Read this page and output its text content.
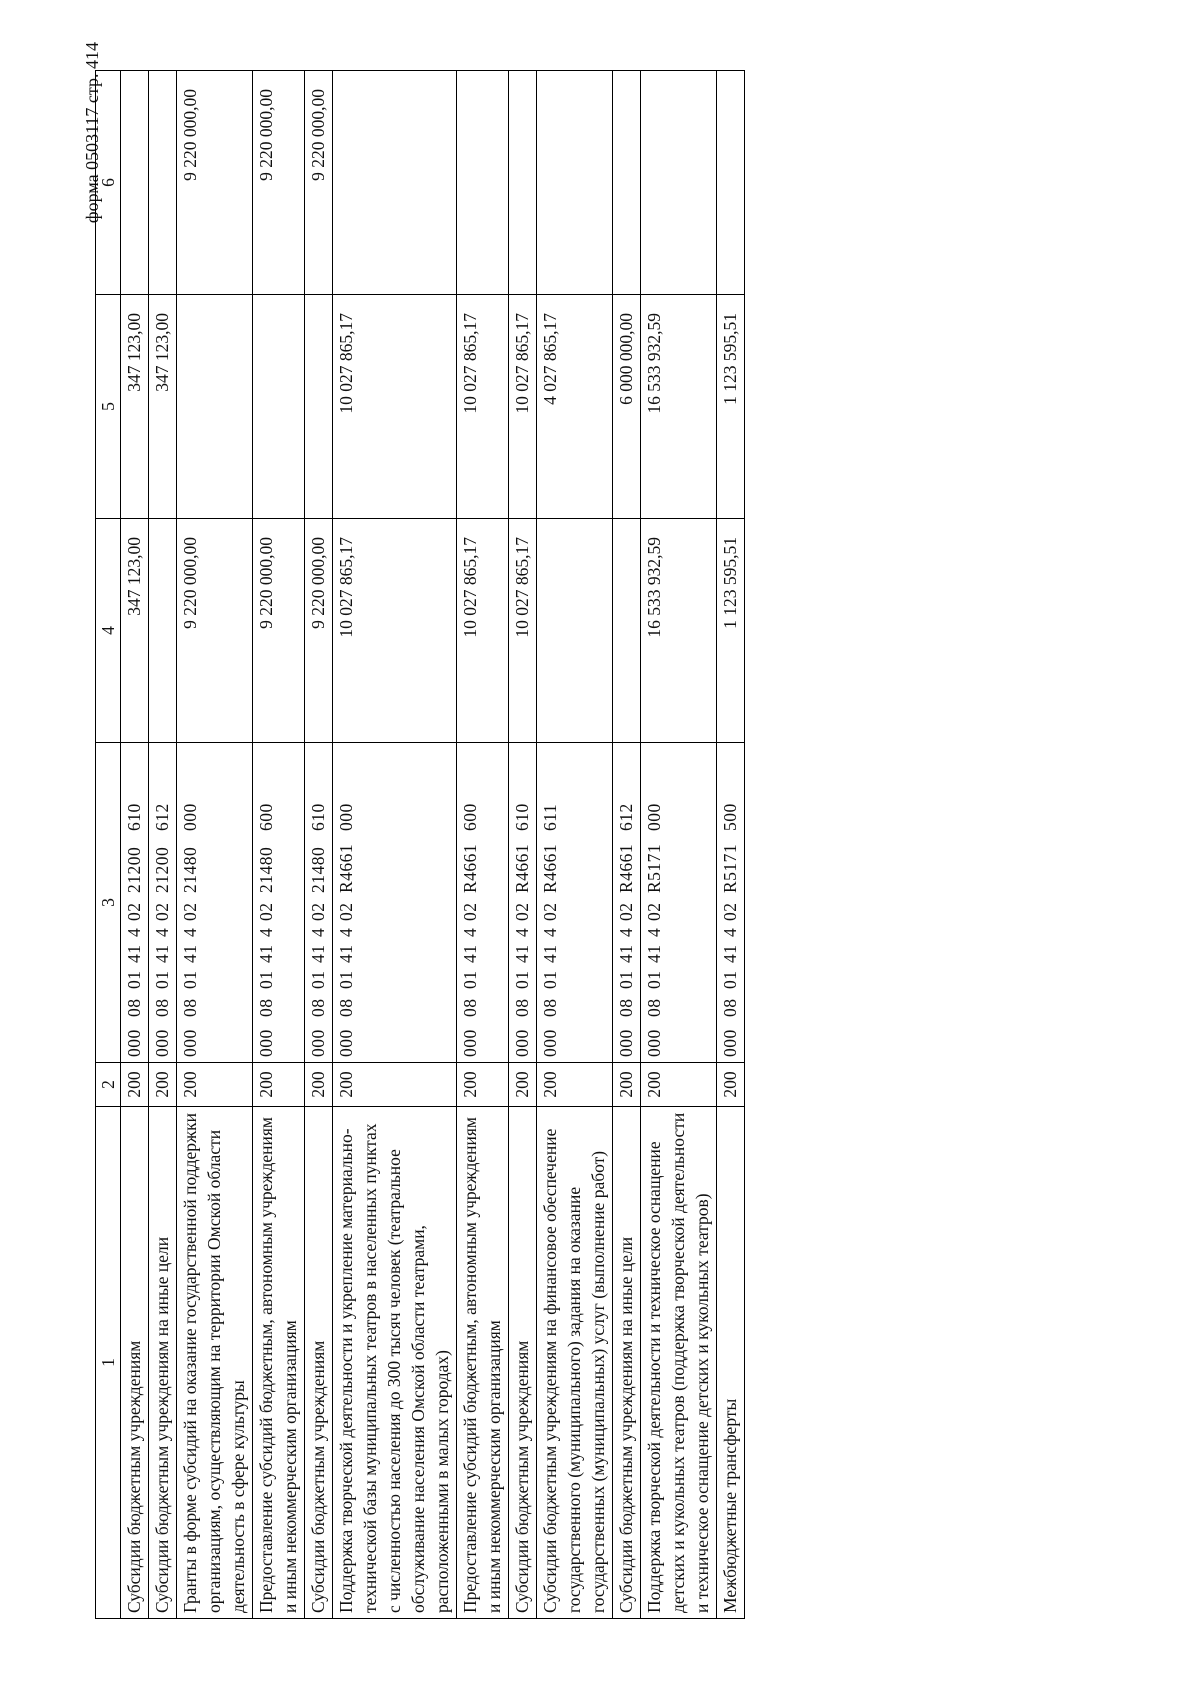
форма 0503117 стр. 414
1	2	3	4	5	6
Субсидии бюджетным учреждениям	200	00008014140221200610	347 123,00	347 123,00	
Субсидии бюджетным учреждениям на иные цели	200	00008014140221200612		347 123,00	
Гранты в форме субсидий на оказание государственной поддержки организациям, осуществляющим на территории Омской области деятельность в сфере культуры	200	00008014140221480000	9 220 000,00		9 220 000,00
Предоставление субсидий бюджетным, автономным учреждениям и иным некоммерческим организациям	200	00008014140221480600	9 220 000,00		9 220 000,00
Субсидии бюджетным учреждениям	200	00008014140221480610	9 220 000,00		9 220 000,00
Поддержка творческой деятельности и укрепление материально-технической базы муниципальных театров в населенных пунктах с численностью населения до 300 тысяч человек (театральное обслуживание населения Омской области театрами, расположенными в малых городах)	200	000080141402R4661000	10 027 865,17	10 027 865,17	
Предоставление субсидий бюджетным, автономным учреждениям и иным некоммерческим организациям	200	000080141402R4661600	10 027 865,17	10 027 865,17	
Субсидии бюджетным учреждениям	200	000080141402R4661610	10 027 865,17	10 027 865,17	
Субсидии бюджетным учреждениям на финансовое обеспечение государственного (муниципального) задания на оказание государственных (муниципальных) услуг (выполнение работ)	200	000080141402R4661611		4 027 865,17	
Субсидии бюджетным учреждениям на иные цели	200	000080141402R4661612		6 000 000,00	
Поддержка творческой деятельности и техническое оснащение детских и кукольных театров (поддержка творческой деятельности и техническое оснащение детских и кукольных театров)	200	000080141402R5171000	16 533 932,59	16 533 932,59	
Межбюджетные трансферты	200	000080141402R5171500	1 123 595,51	1 123 595,51	
